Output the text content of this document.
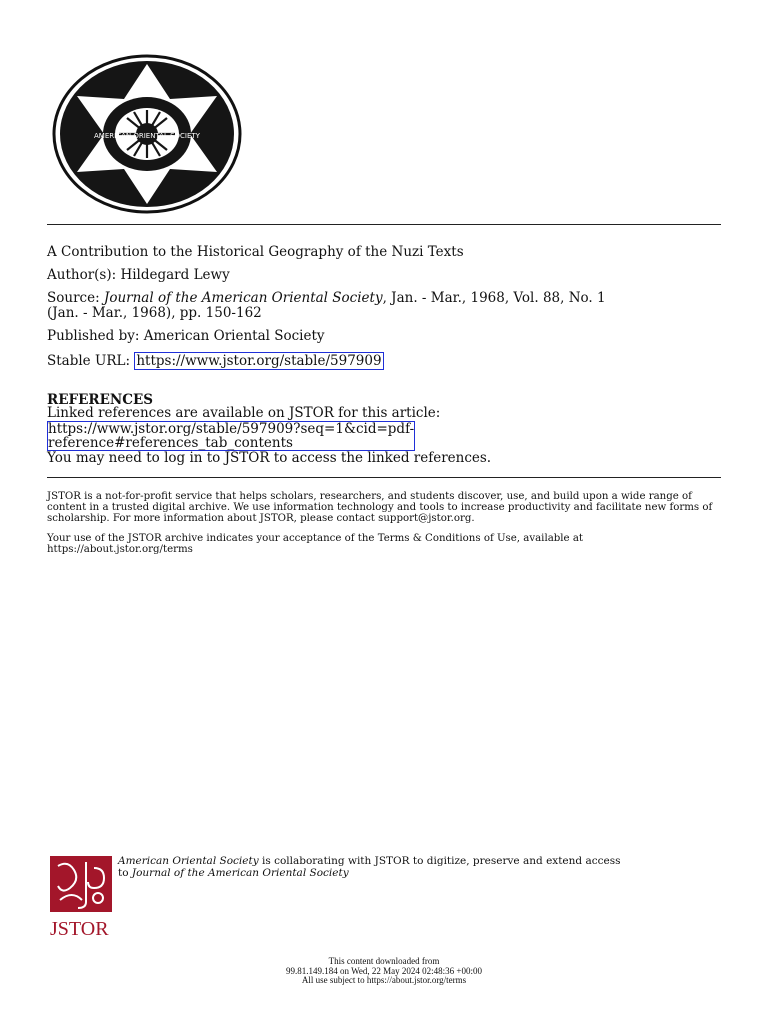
AMERICAN ORIENTAL SOCIETY
A Contribution to the Historical Geography of the Nuzi Texts
Author(s): Hildegard Lewy
Source: Journal of the American Oriental Society, Jan. - Mar., 1968, Vol. 88, No. 1
(Jan. - Mar., 1968), pp. 150-162
Published by: American Oriental Society
Stable URL: https://www.jstor.org/stable/597909
REFERENCES
Linked references are available on JSTOR for this article:
https://www.jstor.org/stable/597909?seq=1&cid=pdf-
reference#references_tab_contents
You may need to log in to JSTOR to access the linked references.
JSTOR is a not-for-profit service that helps scholars, researchers, and students discover, use, and build upon a wide range of content in a trusted digital archive. We use information technology and tools to increase productivity and facilitate new forms of scholarship. For more information about JSTOR, please contact support@jstor.org.
Your use of the JSTOR archive indicates your acceptance of the Terms & Conditions of Use, available at https://about.jstor.org/terms
JSTOR
American Oriental Society is collaborating with JSTOR to digitize, preserve and extend access
to Journal of the American Oriental Society
This content downloaded from
99.81.149.184 on Wed, 22 May 2024 02:48:36 +00:00
All use subject to https://about.jstor.org/terms
